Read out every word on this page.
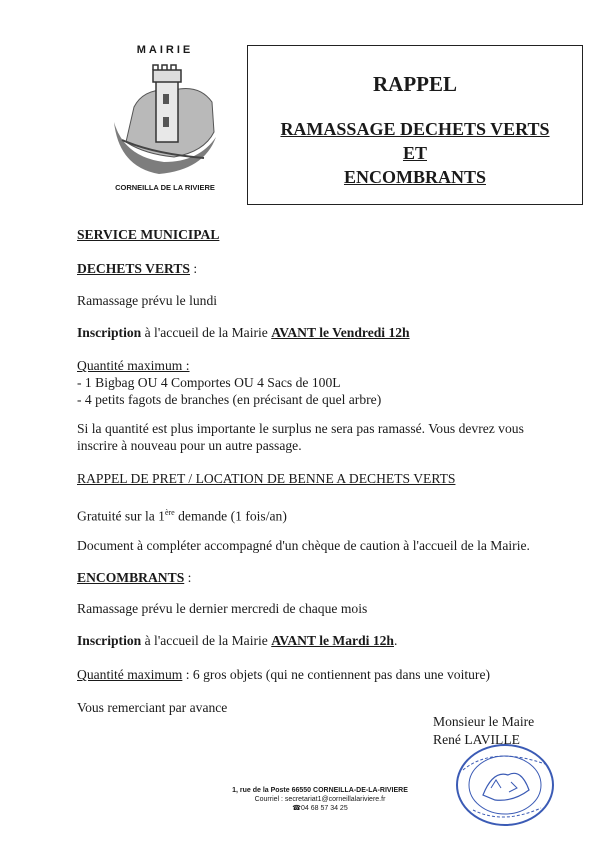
MAIRIE
CORNEILLA DE LA RIVIERE
RAPPEL
RAMASSAGE DECHETS VERTS
ET
ENCOMBRANTS
SERVICE MUNICIPAL
DECHETS VERTS :
Ramassage prévu le lundi
Inscription à l'accueil de la Mairie AVANT le Vendredi 12h
Quantité maximum :
- 1 Bigbag OU 4 Comportes OU 4 Sacs de 100L
- 4 petits fagots de branches (en précisant de quel arbre)
Si la quantité est plus importante le surplus ne sera pas ramassé. Vous devrez vous
inscrire à nouveau pour un autre passage.
RAPPEL DE PRET / LOCATION DE BENNE A DECHETS VERTS
Gratuité sur la 1ère demande (1 fois/an)
Document à compléter accompagné d'un chèque de caution à l'accueil de la Mairie.
ENCOMBRANTS :
Ramassage prévu le dernier mercredi de chaque mois
Inscription à l'accueil de la Mairie AVANT le Mardi 12h.
Quantité maximum : 6 gros objets (qui ne contiennent pas dans une voiture)
Vous remerciant par avance
Monsieur le Maire
René LAVILLE
1, rue de la Poste 66550 CORNEILLA-DE-LA-RIVIERE
Courriel : secretariat1@corneillalariviere.fr
☎04 68 57 34 25
